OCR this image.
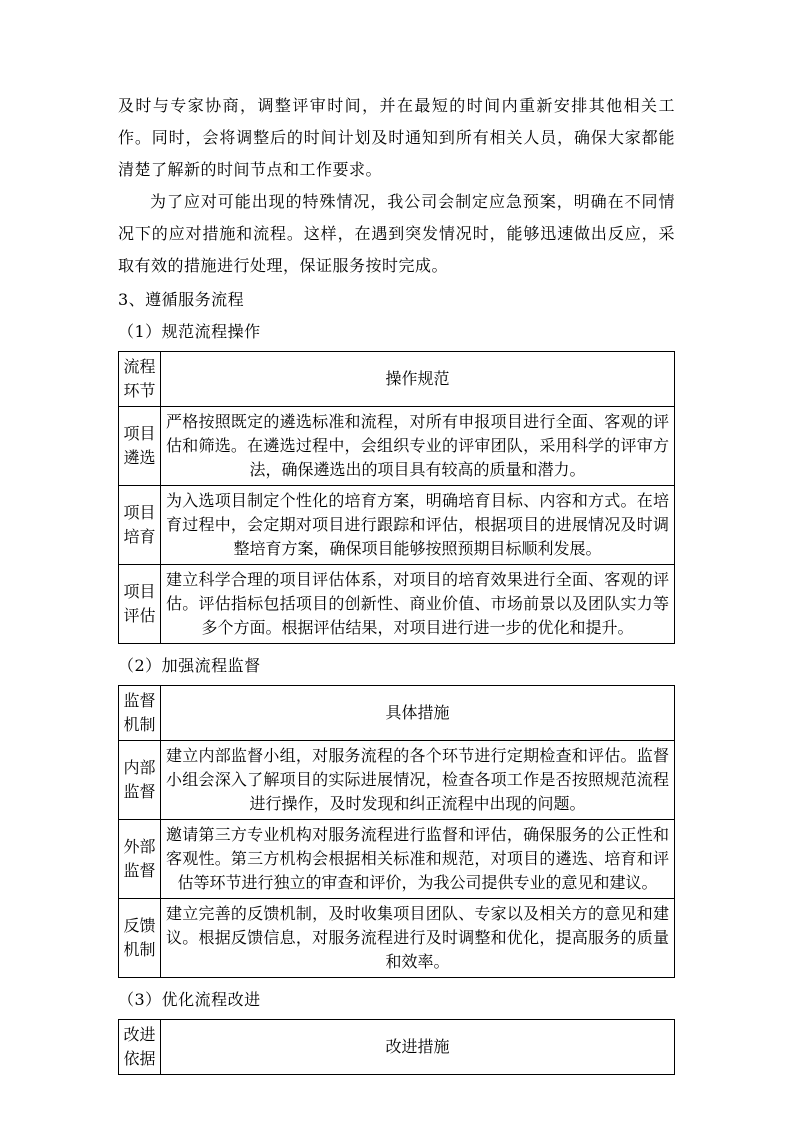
及时与专家协商，调整评审时间，并在最短的时间内重新安排其他相关工作。同时，会将调整后的时间计划及时通知到所有相关人员，确保大家都能清楚了解新的时间节点和工作要求。

为了应对可能出现的特殊情况，我公司会制定应急预案，明确在不同情况下的应对措施和流程。这样，在遇到突发情况时，能够迅速做出反应，采取有效的措施进行处理，保证服务按时完成。

3、遵循服务流程
（1）规范流程操作
流程环节	操作规范
项目遴选	严格按照既定的遴选标准和流程，对所有申报项目进行全面、客观的评估和筛选。在遴选过程中，会组织专业的评审团队，采用科学的评审方法，确保遴选出的项目具有较高的质量和潜力。
项目培育	为入选项目制定个性化的培育方案，明确培育目标、内容和方式。在培育过程中，会定期对项目进行跟踪和评估，根据项目的进展情况及时调整培育方案，确保项目能够按照预期目标顺利发展。
项目评估	建立科学合理的项目评估体系，对项目的培育效果进行全面、客观的评估。评估指标包括项目的创新性、商业价值、市场前景以及团队实力等多个方面。根据评估结果，对项目进行进一步的优化和提升。
（2）加强流程监督
监督机制	具体措施
内部监督	建立内部监督小组，对服务流程的各个环节进行定期检查和评估。监督小组会深入了解项目的实际进展情况，检查各项工作是否按照规范流程进行操作，及时发现和纠正流程中出现的问题。
外部监督	邀请第三方专业机构对服务流程进行监督和评估，确保服务的公正性和客观性。第三方机构会根据相关标准和规范，对项目的遴选、培育和评估等环节进行独立的审查和评价，为我公司提供专业的意见和建议。
反馈机制	建立完善的反馈机制，及时收集项目团队、专家以及相关方的意见和建议。根据反馈信息，对服务流程进行及时调整和优化，提高服务的质量和效率。
（3）优化流程改进
改进依据	改进措施
